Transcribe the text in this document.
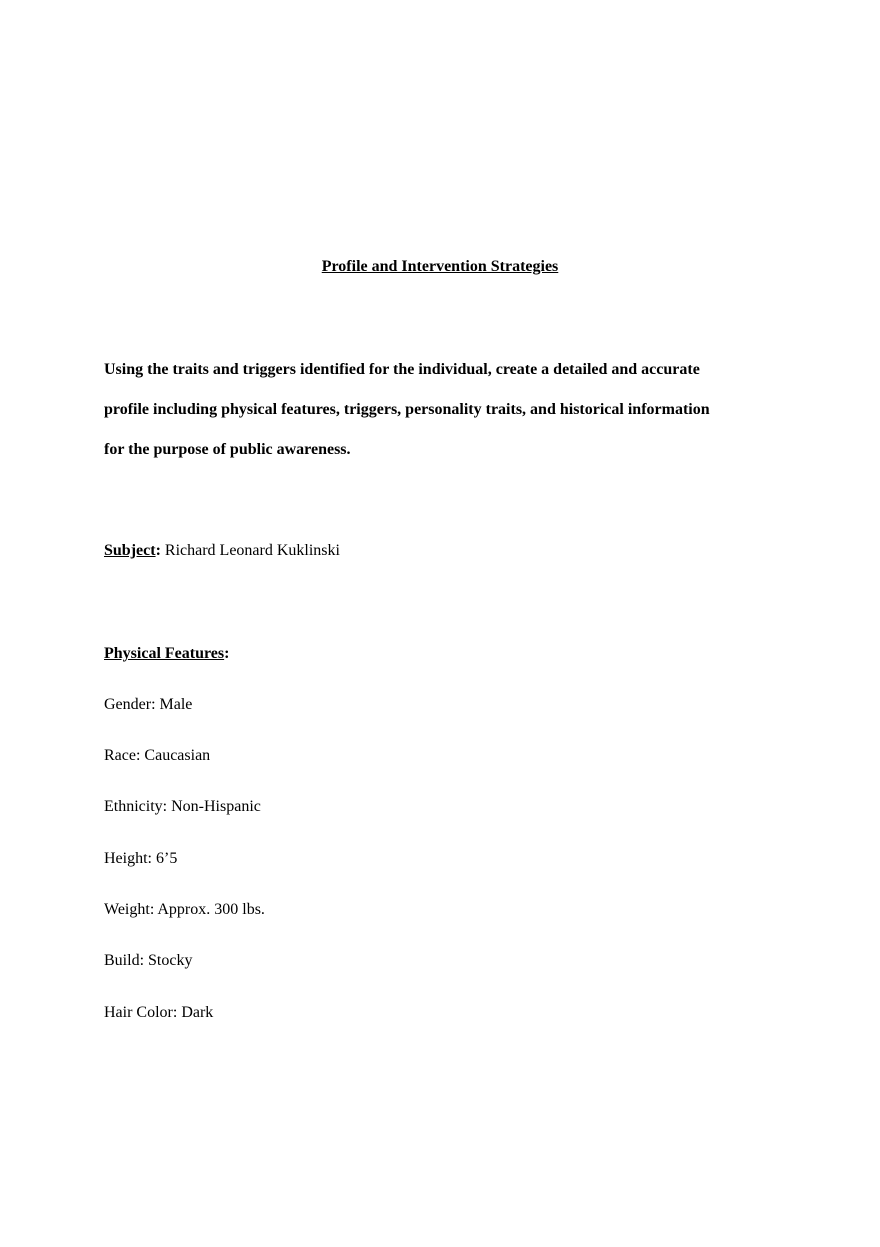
Profile and Intervention Strategies
Using the traits and triggers identified for the individual, create a detailed and accurate
profile including physical features, triggers, personality traits, and historical information
for the purpose of public awareness.
Subject: Richard Leonard Kuklinski
Physical Features:
Gender: Male
Race: Caucasian
Ethnicity: Non-Hispanic
Height: 6’5
Weight: Approx. 300 lbs.
Build: Stocky
Hair Color: Dark
